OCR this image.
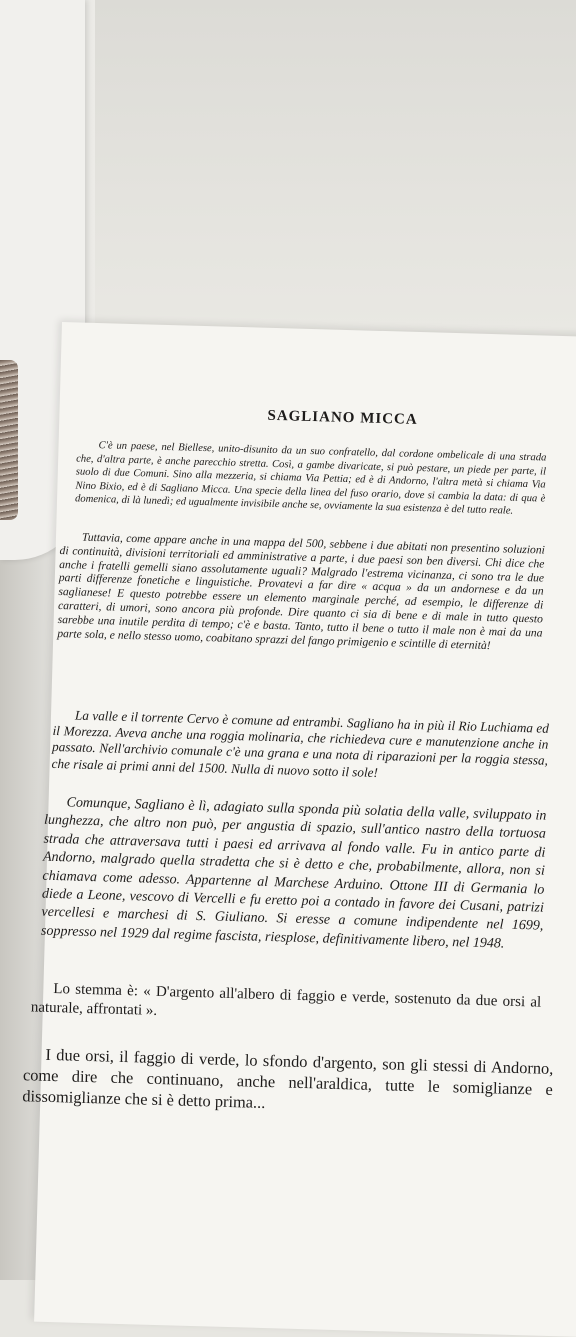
SAGLIANO MICCA

C'è un paese, nel Biellese, unito-disunito da un suo confratello, dal cordone ombelicale di una strada che, d'altra parte, è anche parecchio stretta. Così, a gambe divaricate, si può pestare, un piede per parte, il suolo di due Comuni. Sino alla mezzeria, si chiama Via Pettia; ed è di Andorno, l'altra metà si chiama Via Nino Bixio, ed è di Sagliano Micca. Una specie della linea del fuso orario, dove si cambia la data: di qua è domenica, di là lunedì; ed ugualmente invisibile anche se, ovviamente la sua esistenza è del tutto reale.

Tuttavia, come appare anche in una mappa del 500, sebbene i due abitati non presentino soluzioni di continuità, divisioni territoriali ed amministrative a parte, i due paesi son ben diversi. Chi dice che anche i fratelli gemelli siano assolutamente uguali? Malgrado l'estrema vicinanza, ci sono tra le due parti differenze fonetiche e linguistiche. Provatevi a far dire « acqua » da un andornese e da un saglianese! E questo potrebbe essere un elemento marginale perché, ad esempio, le differenze di caratteri, di umori, sono ancora più profonde. Dire quanto ci sia di bene e di male in tutto questo sarebbe una inutile perdita di tempo; c'è e basta. Tanto, tutto il bene o tutto il male non è mai da una parte sola, e nello stesso uomo, coabitano sprazzi del fango primigenio e scintille di eternità!

La valle e il torrente Cervo è comune ad entrambi. Sagliano ha in più il Rio Luchiama ed il Morezza. Aveva anche una roggia molinaria, che richiedeva cure e manutenzione anche in passato. Nell'archivio comunale c'è una grana e una nota di riparazioni per la roggia stessa, che risale ai primi anni del 1500. Nulla di nuovo sotto il sole!

Comunque, Sagliano è lì, adagiato sulla sponda più solatia della valle, sviluppato in lunghezza, che altro non può, per angustia di spazio, sull'antico nastro della tortuosa strada che attraversava tutti i paesi ed arrivava al fondo valle. Fu in antico parte di Andorno, malgrado quella stradetta che si è detto e che, probabilmente, allora, non si chiamava come adesso. Appartenne al Marchese Arduino. Ottone III di Germania lo diede a Leone, vescovo di Vercelli e fu eretto poi a contado in favore dei Cusani, patrizi vercellesi e marchesi di S. Giuliano. Si eresse a comune indipendente nel 1699, soppresso nel 1929 dal regime fascista, riesplose, definitivamente libero, nel 1948.

Lo stemma è: « D'argento all'albero di faggio e verde, sostenuto da due orsi al naturale, affrontati ».

I due orsi, il faggio di verde, lo sfondo d'argento, son gli stessi di Andorno, come dire che continuano, anche nell'araldica, tutte le somiglianze e dissomiglianze che si è detto prima...
